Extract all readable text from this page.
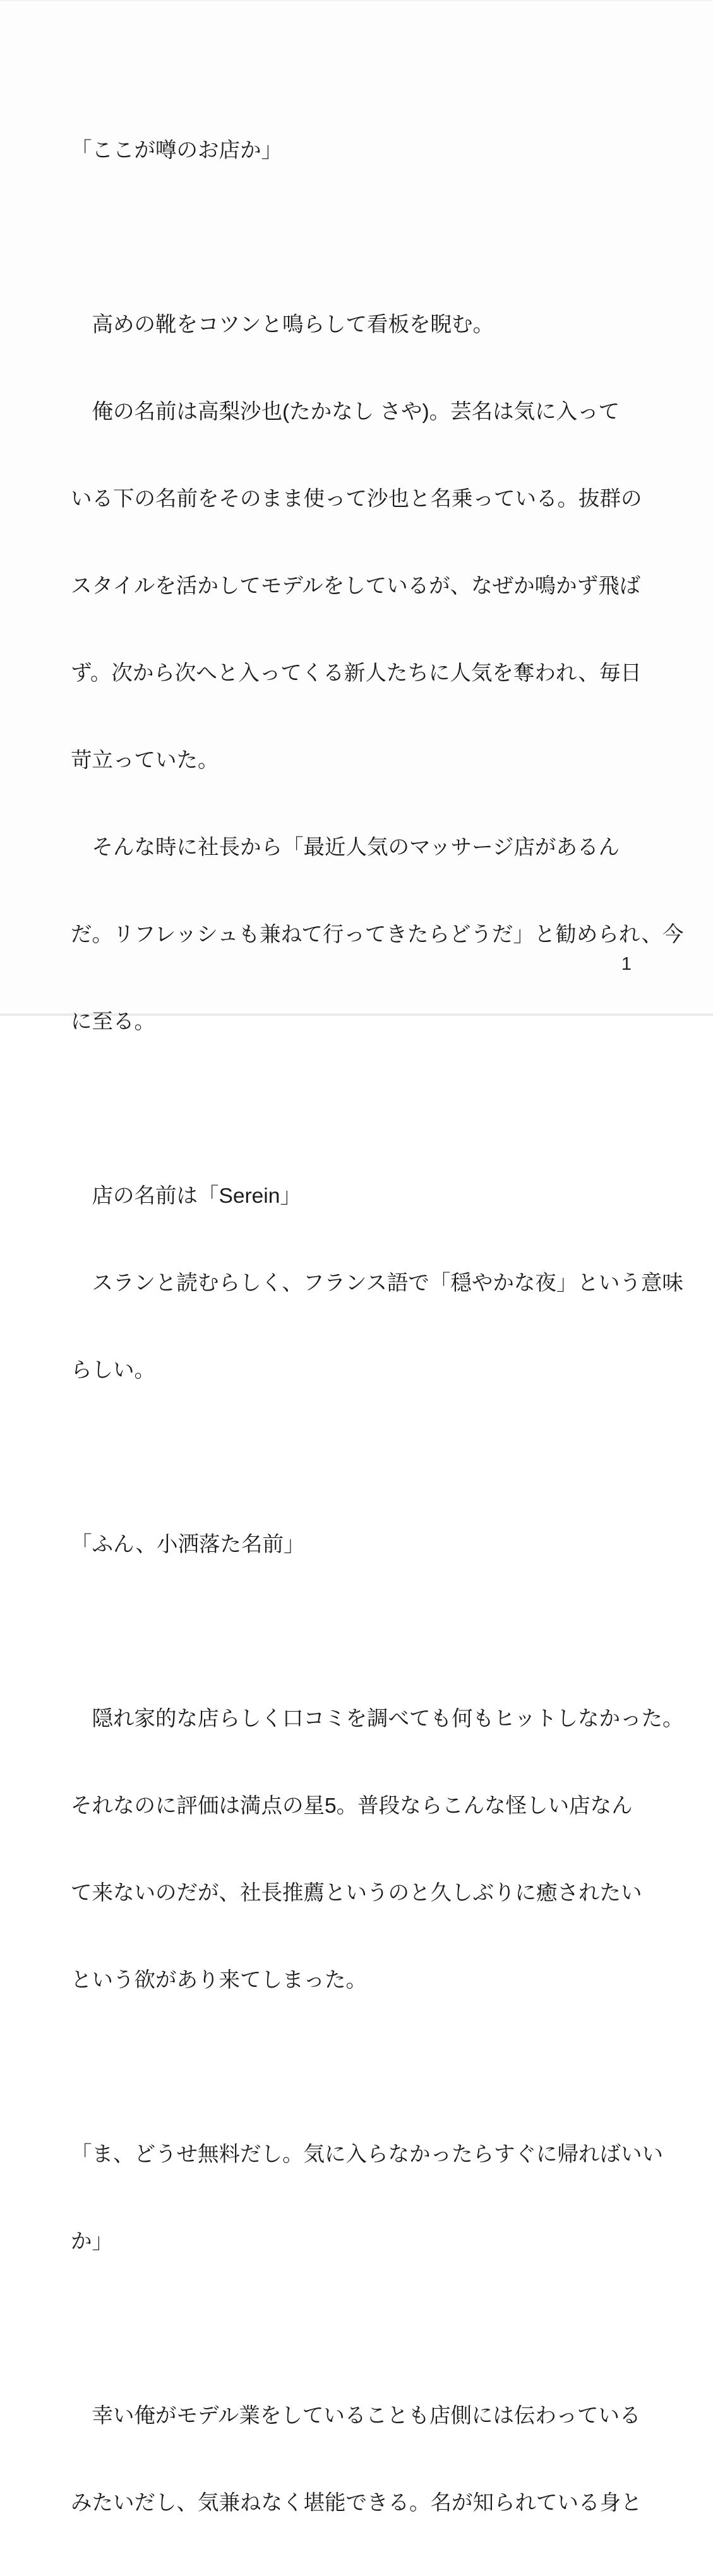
「ここが噂のお店か」

　高めの靴をコツンと鳴らして看板を睨む。

　俺の名前は高梨沙也(たかなし さや)。芸名は気に入って

いる下の名前をそのまま使って沙也と名乗っている。抜群の

スタイルを活かしてモデルをしているが、なぜか鳴かず飛ば

ず。次から次へと入ってくる新人たちに人気を奪われ、毎日

苛立っていた。

　そんな時に社長から「最近人気のマッサージ店があるん

だ。リフレッシュも兼ねて行ってきたらどうだ」と勧められ、今

に至る。

　店の名前は「Serein」

　スランと読むらしく、フランス語で「穏やかな夜」という意味

らしい。

「ふん、小洒落た名前」

　隠れ家的な店らしく口コミを調べても何もヒットしなかった。

それなのに評価は満点の星5。普段ならこんな怪しい店なん

て来ないのだが、社長推薦というのと久しぶりに癒されたい

という欲があり来てしまった。

「ま、どうせ無料だし。気に入らなかったらすぐに帰ればいい

か」

　幸い俺がモデル業をしていることも店側には伝わっている

みたいだし、気兼ねなく堪能できる。名が知られている身と

1
